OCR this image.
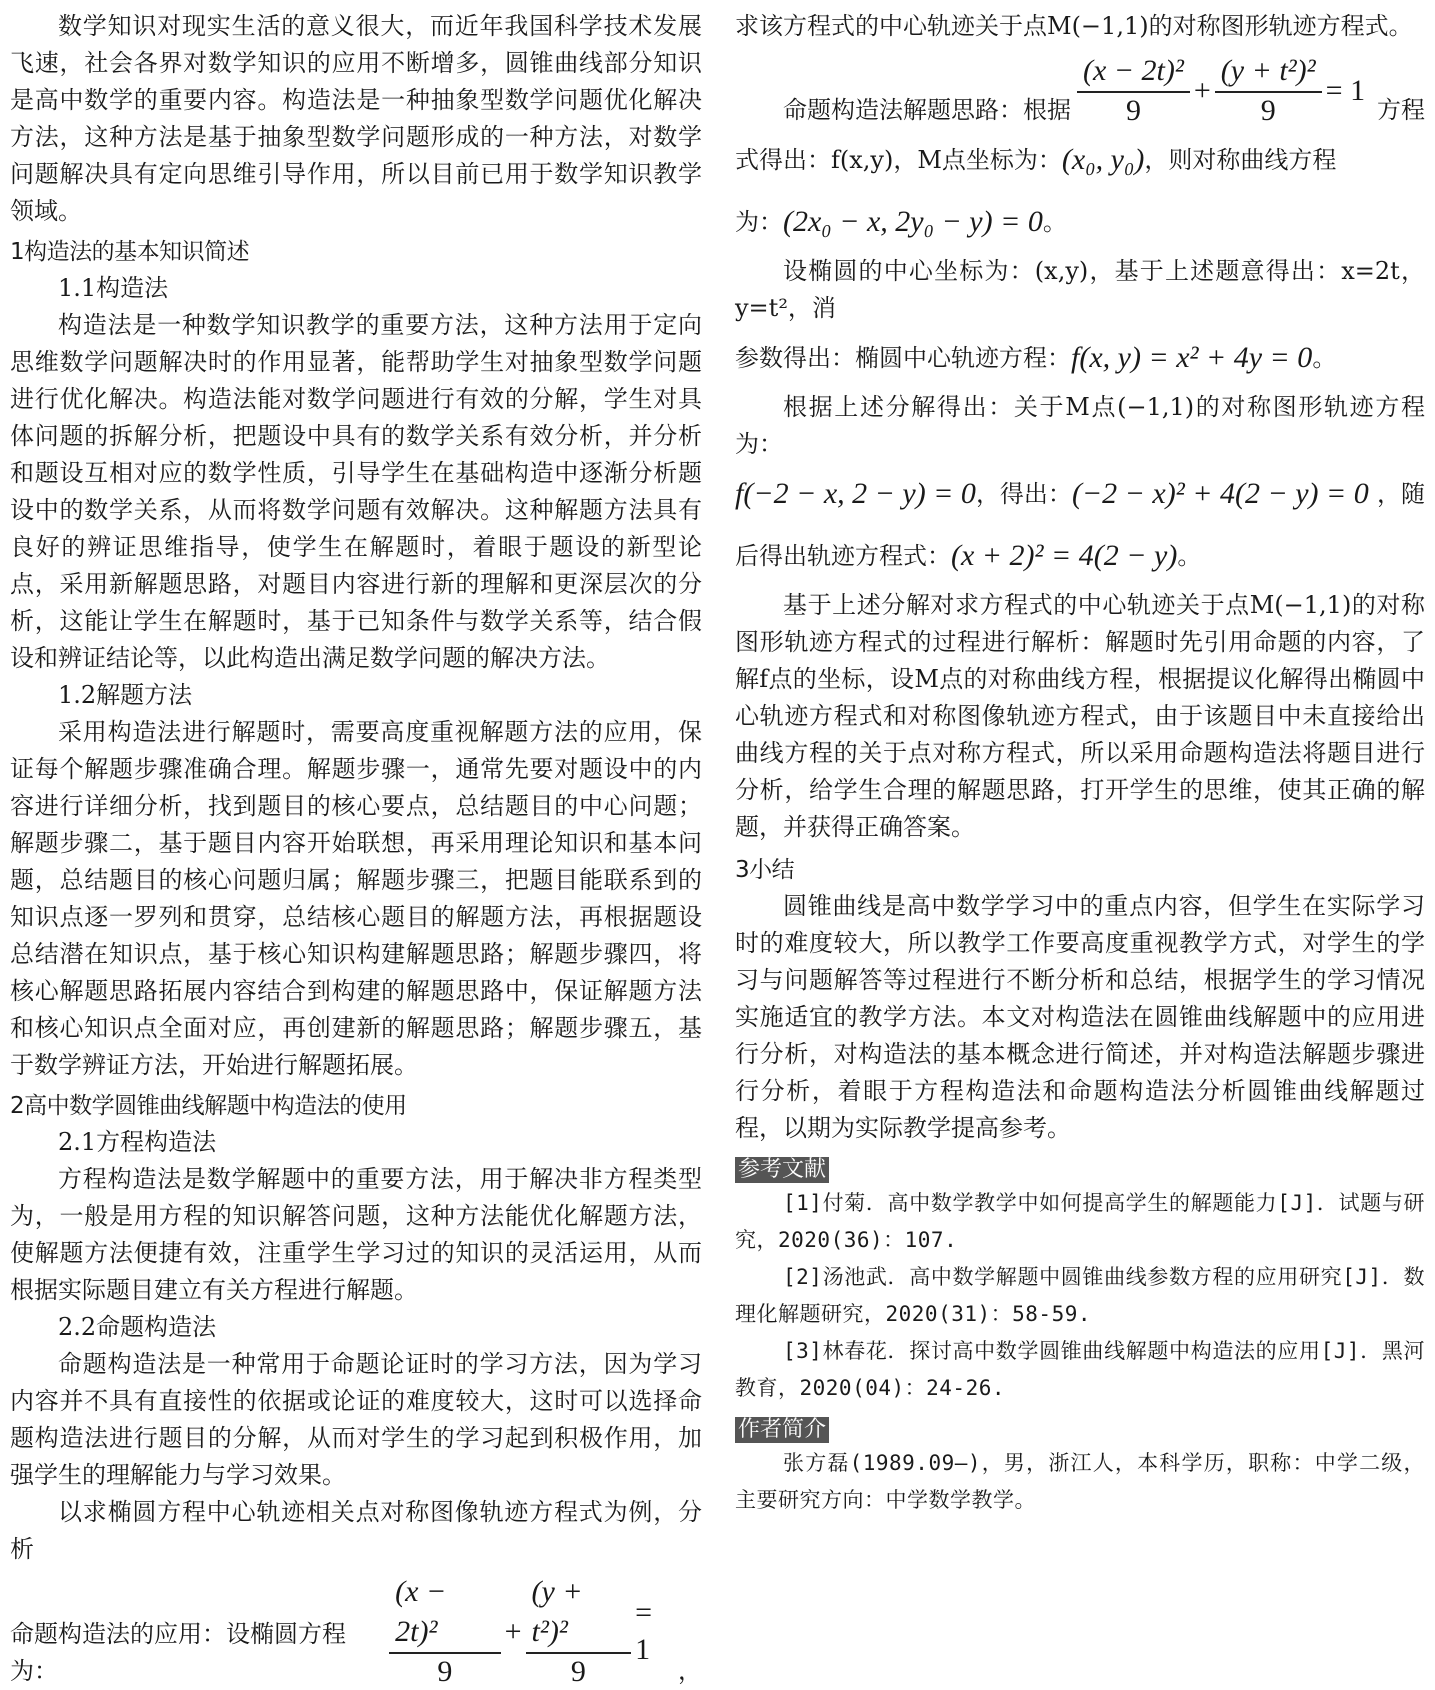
数学知识对现实生活的意义很大，而近年我国科学技术发展飞速，社会各界对数学知识的应用不断增多，圆锥曲线部分知识是高中数学的重要内容。构造法是一种抽象型数学问题优化解决方法，这种方法是基于抽象型数学问题形成的一种方法，对数学问题解决具有定向思维引导作用，所以目前已用于数学知识教学领域。

1构造法的基本知识简述
1.1构造法

构造法是一种数学知识教学的重要方法，这种方法用于定向思维数学问题解决时的作用显著，能帮助学生对抽象型数学问题进行优化解决。构造法能对数学问题进行有效的分解，学生对具体问题的拆解分析，把题设中具有的数学关系有效分析，并分析和题设互相对应的数学性质，引导学生在基础构造中逐渐分析题设中的数学关系，从而将数学问题有效解决。这种解题方法具有良好的辨证思维指导，使学生在解题时，着眼于题设的新型论点，采用新解题思路，对题目内容进行新的理解和更深层次的分析，这能让学生在解题时，基于已知条件与数学关系等，结合假设和辨证结论等，以此构造出满足数学问题的解决方法。

1.2解题方法

采用构造法进行解题时，需要高度重视解题方法的应用，保证每个解题步骤准确合理。解题步骤一，通常先要对题设中的内容进行详细分析，找到题目的核心要点，总结题目的中心问题；解题步骤二，基于题目内容开始联想，再采用理论知识和基本问题，总结题目的核心问题归属；解题步骤三，把题目能联系到的知识点逐一罗列和贯穿，总结核心题目的解题方法，再根据题设总结潜在知识点，基于核心知识构建解题思路；解题步骤四，将核心解题思路拓展内容结合到构建的解题思路中，保证解题方法和核心知识点全面对应，再创建新的解题思路；解题步骤五，基于数学辨证方法，开始进行解题拓展。

2高中数学圆锥曲线解题中构造法的使用
2.1方程构造法

方程构造法是数学解题中的重要方法，用于解决非方程类型为，一般是用方程的知识解答问题，这种方法能优化解题方法，使解题方法便捷有效，注重学生学习过的知识的灵活运用，从而根据实际题目建立有关方程进行解题。

2.2命题构造法

命题构造法是一种常用于命题论证时的学习方法，因为学习内容并不具有直接性的依据或论证的难度较大，这时可以选择命题构造法进行题目的分解，从而对学生的学习起到积极作用，加强学生的理解能力与学习效果。

以求椭圆方程中心轨迹相关点对称图像轨迹方程式为例，分析

命题构造法的应用：设椭圆方程为：	$\frac{\text{(x − 2t)²}}{9} + \frac{\text{(y + t²)²}}{9} = 1$
，

求该方程式的中心轨迹关于点M(−1,1)的对称图形轨迹方程式。

命题构造法解题思路：根据 $\frac{\text{(x − 2t)²}}{9} + \frac{\text{(y + t²)²}}{9} = 1$
方程

式得出：f(x,y)，M点坐标为： (x₀, y₀) ，则对称曲线方程

为： (2x₀ − x, 2y₀ − y) = 0 。

设椭圆的中心坐标为：(x,y)，基于上述题意得出：x=2t，y=t²，消

参数得出：椭圆中心轨迹方程： f(x, y) = x² + 4y = 0 。

根据上述分解得出：关于M点(−1,1)的对称图形轨迹方程为：

f(−2 − x, 2 − y) = 0 ，得出： (−2 − x)² + 4(2 − y) = 0 ，随

后得出轨迹方程式： (x + 2)² = 4(2 − y) 。

基于上述分解对求方程式的中心轨迹关于点M(−1,1)的对称图形轨迹方程式的过程进行解析：解题时先引用命题的内容，了解f点的坐标，设M点的对称曲线方程，根据提议化解得出椭圆中心轨迹方程式和对称图像轨迹方程式，由于该题目中未直接给出曲线方程的关于点对称方程式，所以采用命题构造法将题目进行分析，给学生合理的解题思路，打开学生的思维，使其正确的解题，并获得正确答案。

3小结

圆锥曲线是高中数学学习中的重点内容，但学生在实际学习时的难度较大，所以教学工作要高度重视教学方式，对学生的学习与问题解答等过程进行不断分析和总结，根据学生的学习情况实施适宜的教学方法。本文对构造法在圆锥曲线解题中的应用进行分析，对构造法的基本概念进行简述，并对构造法解题步骤进行分析，着眼于方程构造法和命题构造法分析圆锥曲线解题过程，以期为实际教学提高参考。

参考文献

[1]付菊．高中数学教学中如何提高学生的解题能力[J]．试题与研究，2020(36)：107.

[2]汤池武．高中数学解题中圆锥曲线参数方程的应用研究[J]．数理化解题研究，2020(31)：58-59.

[3]林春花．探讨高中数学圆锥曲线解题中构造法的应用[J]．黑河教育，2020(04)：24-26.

作者简介

张方磊(1989.09—)，男，浙江人，本科学历，职称：中学二级，主要研究方向：中学数学教学。
